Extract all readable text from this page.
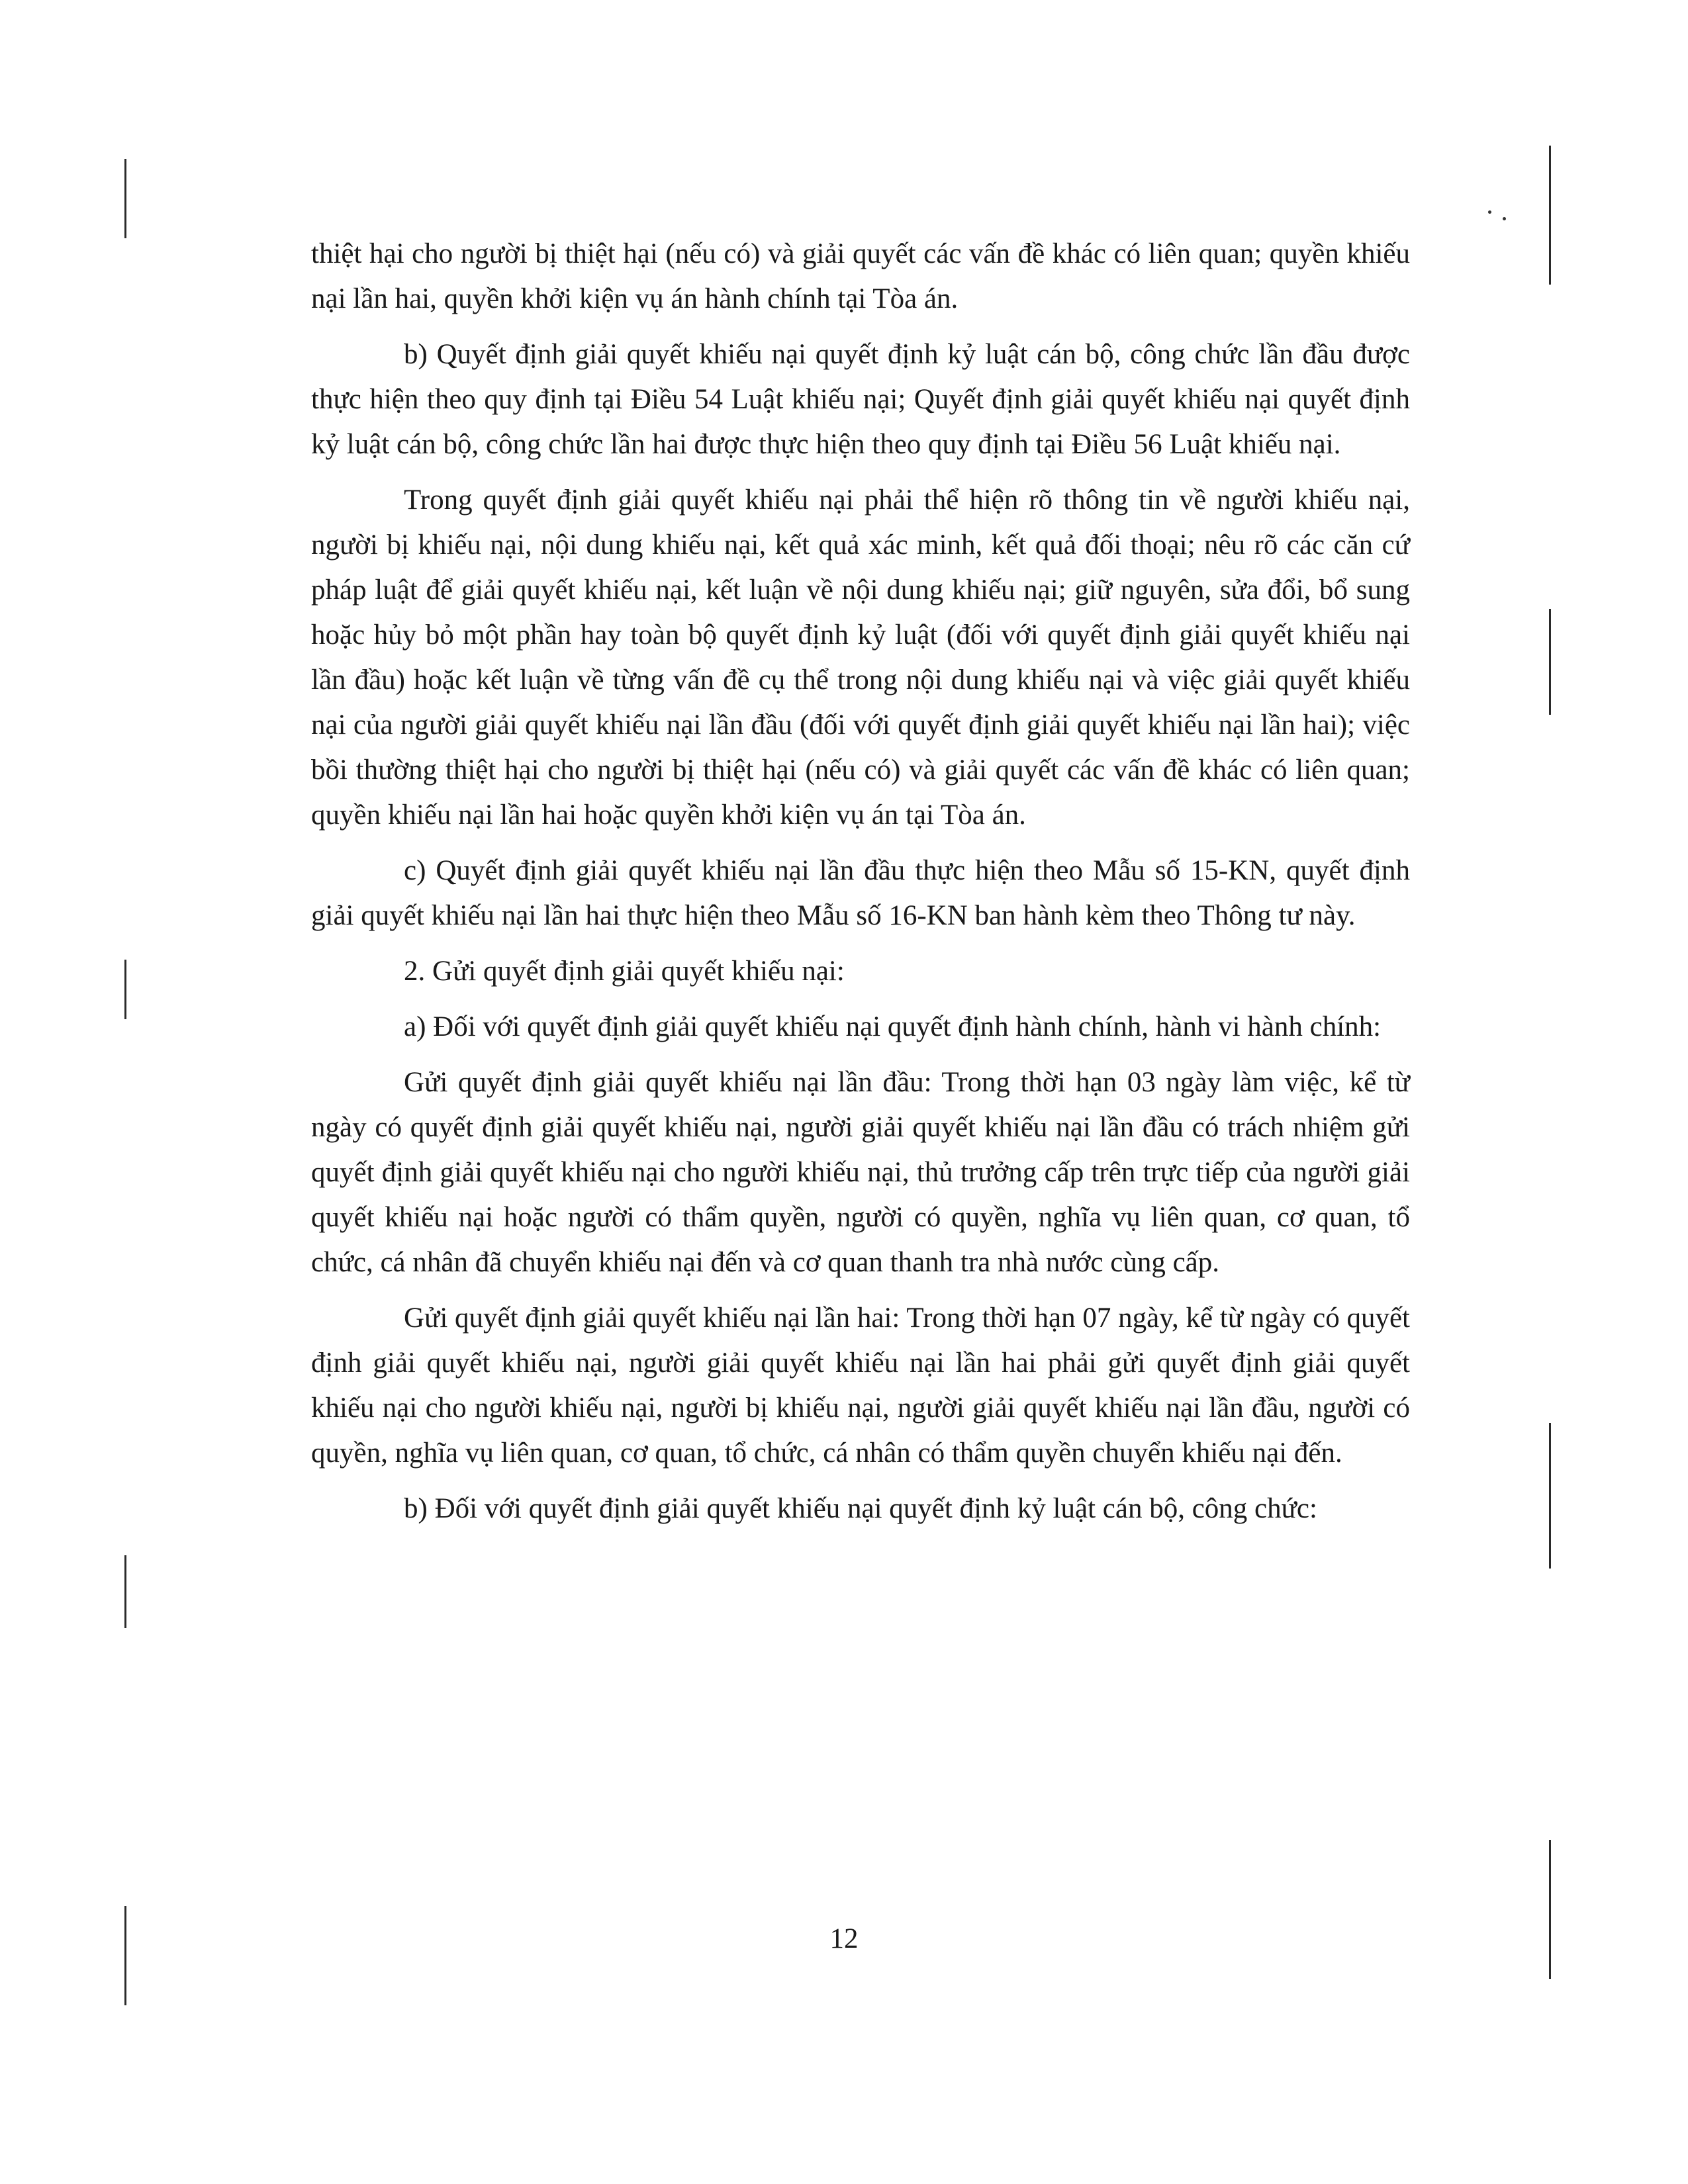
thiệt hại cho người bị thiệt hại (nếu có) và giải quyết các vấn đề khác có liên quan; quyền khiếu nại lần hai, quyền khởi kiện vụ án hành chính tại Tòa án.

b) Quyết định giải quyết khiếu nại quyết định kỷ luật cán bộ, công chức lần đầu được thực hiện theo quy định tại Điều 54 Luật khiếu nại; Quyết định giải quyết khiếu nại quyết định kỷ luật cán bộ, công chức lần hai được thực hiện theo quy định tại Điều 56 Luật khiếu nại.

Trong quyết định giải quyết khiếu nại phải thể hiện rõ thông tin về người khiếu nại, người bị khiếu nại, nội dung khiếu nại, kết quả xác minh, kết quả đối thoại; nêu rõ các căn cứ pháp luật để giải quyết khiếu nại, kết luận về nội dung khiếu nại; giữ nguyên, sửa đổi, bổ sung hoặc hủy bỏ một phần hay toàn bộ quyết định kỷ luật (đối với quyết định giải quyết khiếu nại lần đầu) hoặc kết luận về từng vấn đề cụ thể trong nội dung khiếu nại và việc giải quyết khiếu nại của người giải quyết khiếu nại lần đầu (đối với quyết định giải quyết khiếu nại lần hai); việc bồi thường thiệt hại cho người bị thiệt hại (nếu có) và giải quyết các vấn đề khác có liên quan; quyền khiếu nại lần hai hoặc quyền khởi kiện vụ án tại Tòa án.

c) Quyết định giải quyết khiếu nại lần đầu thực hiện theo Mẫu số 15-KN, quyết định giải quyết khiếu nại lần hai thực hiện theo Mẫu số 16-KN ban hành kèm theo Thông tư này.

2. Gửi quyết định giải quyết khiếu nại:

a) Đối với quyết định giải quyết khiếu nại quyết định hành chính, hành vi hành chính:

Gửi quyết định giải quyết khiếu nại lần đầu: Trong thời hạn 03 ngày làm việc, kể từ ngày có quyết định giải quyết khiếu nại, người giải quyết khiếu nại lần đầu có trách nhiệm gửi quyết định giải quyết khiếu nại cho người khiếu nại, thủ trưởng cấp trên trực tiếp của người giải quyết khiếu nại hoặc người có thẩm quyền, người có quyền, nghĩa vụ liên quan, cơ quan, tổ chức, cá nhân đã chuyển khiếu nại đến và cơ quan thanh tra nhà nước cùng cấp.

Gửi quyết định giải quyết khiếu nại lần hai: Trong thời hạn 07 ngày, kể từ ngày có quyết định giải quyết khiếu nại, người giải quyết khiếu nại lần hai phải gửi quyết định giải quyết khiếu nại cho người khiếu nại, người bị khiếu nại, người giải quyết khiếu nại lần đầu, người có quyền, nghĩa vụ liên quan, cơ quan, tổ chức, cá nhân có thẩm quyền chuyển khiếu nại đến.

b) Đối với quyết định giải quyết khiếu nại quyết định kỷ luật cán bộ, công chức:

12
